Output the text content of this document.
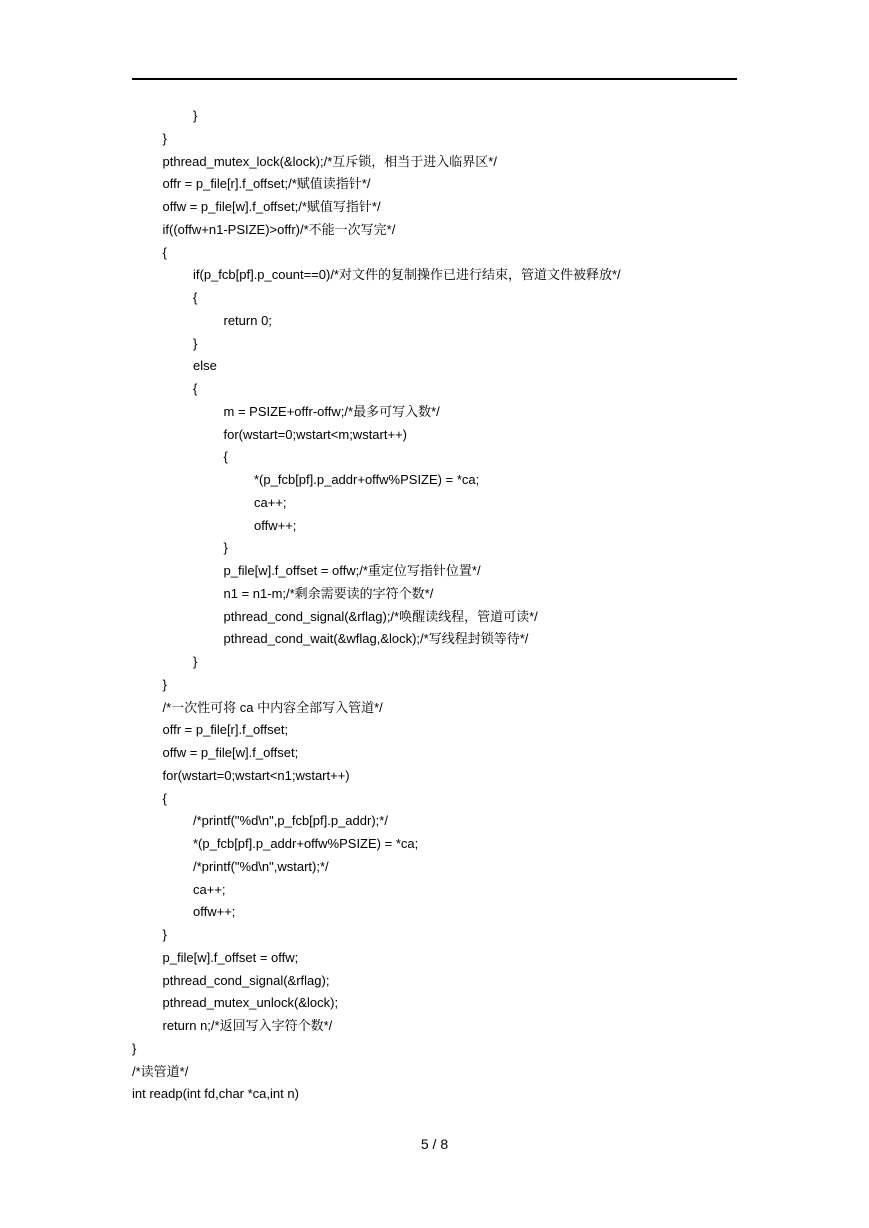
}
}
pthread_mutex_lock(&lock);/*互斥锁，相当于进入临界区*/
offr = p_file[r].f_offset;/*赋值读指针*/
offw = p_file[w].f_offset;/*赋值写指针*/
if((offw+n1-PSIZE)>offr)/*不能一次写完*/
{
if(p_fcb[pf].p_count==0)/*对文件的复制操作已进行结束，管道文件被释放*/
{
return 0;
}
else
{
m = PSIZE+offr-offw;/*最多可写入数*/
for(wstart=0;wstart<m;wstart++)
{
*(p_fcb[pf].p_addr+offw%PSIZE) = *ca;
ca++;
offw++;
}
p_file[w].f_offset = offw;/*重定位写指针位置*/
n1 = n1-m;/*剩余需要读的字符个数*/
pthread_cond_signal(&rflag);/*唤醒读线程，管道可读*/
pthread_cond_wait(&wflag,&lock);/*写线程封锁等待*/
}
}
/*一次性可将 ca 中内容全部写入管道*/
offr = p_file[r].f_offset;
offw = p_file[w].f_offset;
for(wstart=0;wstart<n1;wstart++)
{
/*printf("%d\n",p_fcb[pf].p_addr);*/
*(p_fcb[pf].p_addr+offw%PSIZE) = *ca;
/*printf("%d\n",wstart);*/
ca++;
offw++;
}
p_file[w].f_offset = offw;
pthread_cond_signal(&rflag);
pthread_mutex_unlock(&lock);
return n;/*返回写入字符个数*/
}
/*读管道*/
int readp(int fd,char *ca,int n)
5 / 8
